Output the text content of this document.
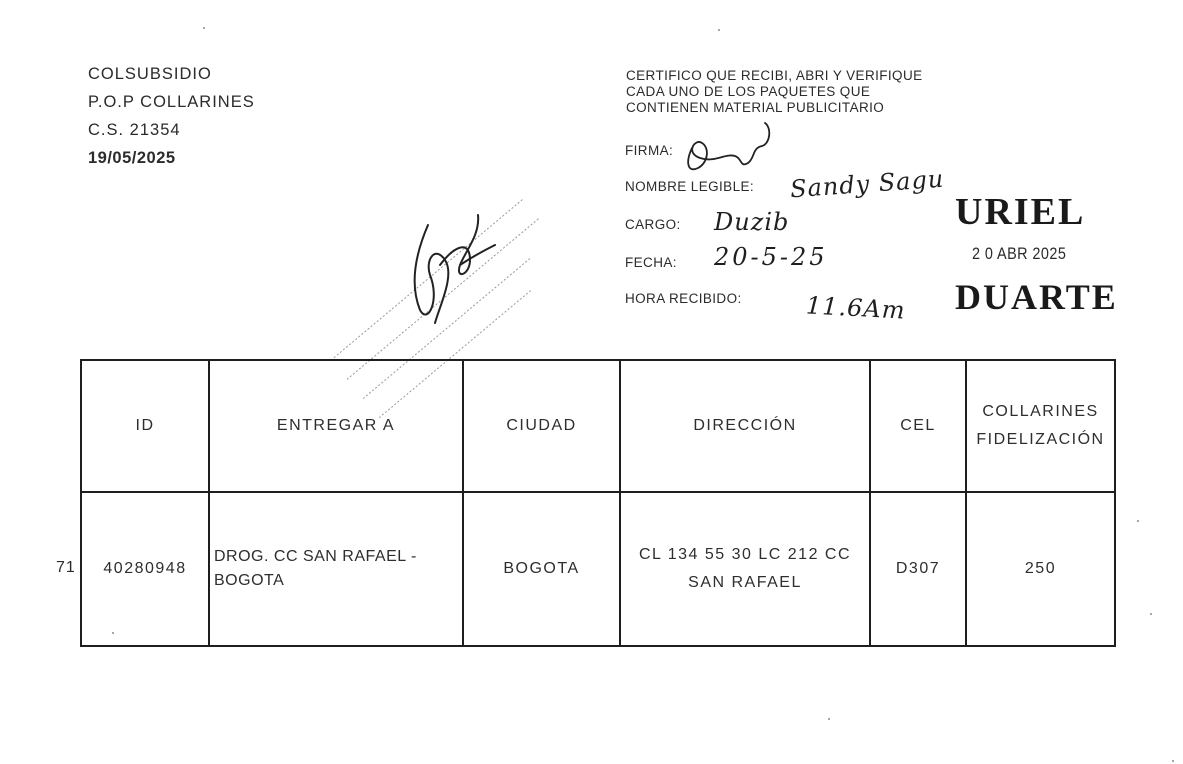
COLSUBSIDIO
P.O.P COLLARINES
C.S. 21354
19/05/2025
CERTIFICO QUE RECIBI, ABRI Y VERIFIQUE
CADA UNO DE LOS PAQUETES QUE
CONTIENEN MATERIAL PUBLICITARIO
FIRMA:
NOMBRE LEGIBLE: Sandy Sagu
CARGO: Duzib
FECHA: 20-5-25
HORA RECIBIDO:	11.6Am
URIEL
2 0 ABR 2025
DUARTE
71
ID	ENTREGAR A	CIUDAD	DIRECCIÓN	CEL	COLLARINES FIDELIZACIÓN
40280948	DROG. CC SAN RAFAEL - BOGOTA	BOGOTA	CL 134 55 30 LC 212 CC SAN RAFAEL	D307	250
